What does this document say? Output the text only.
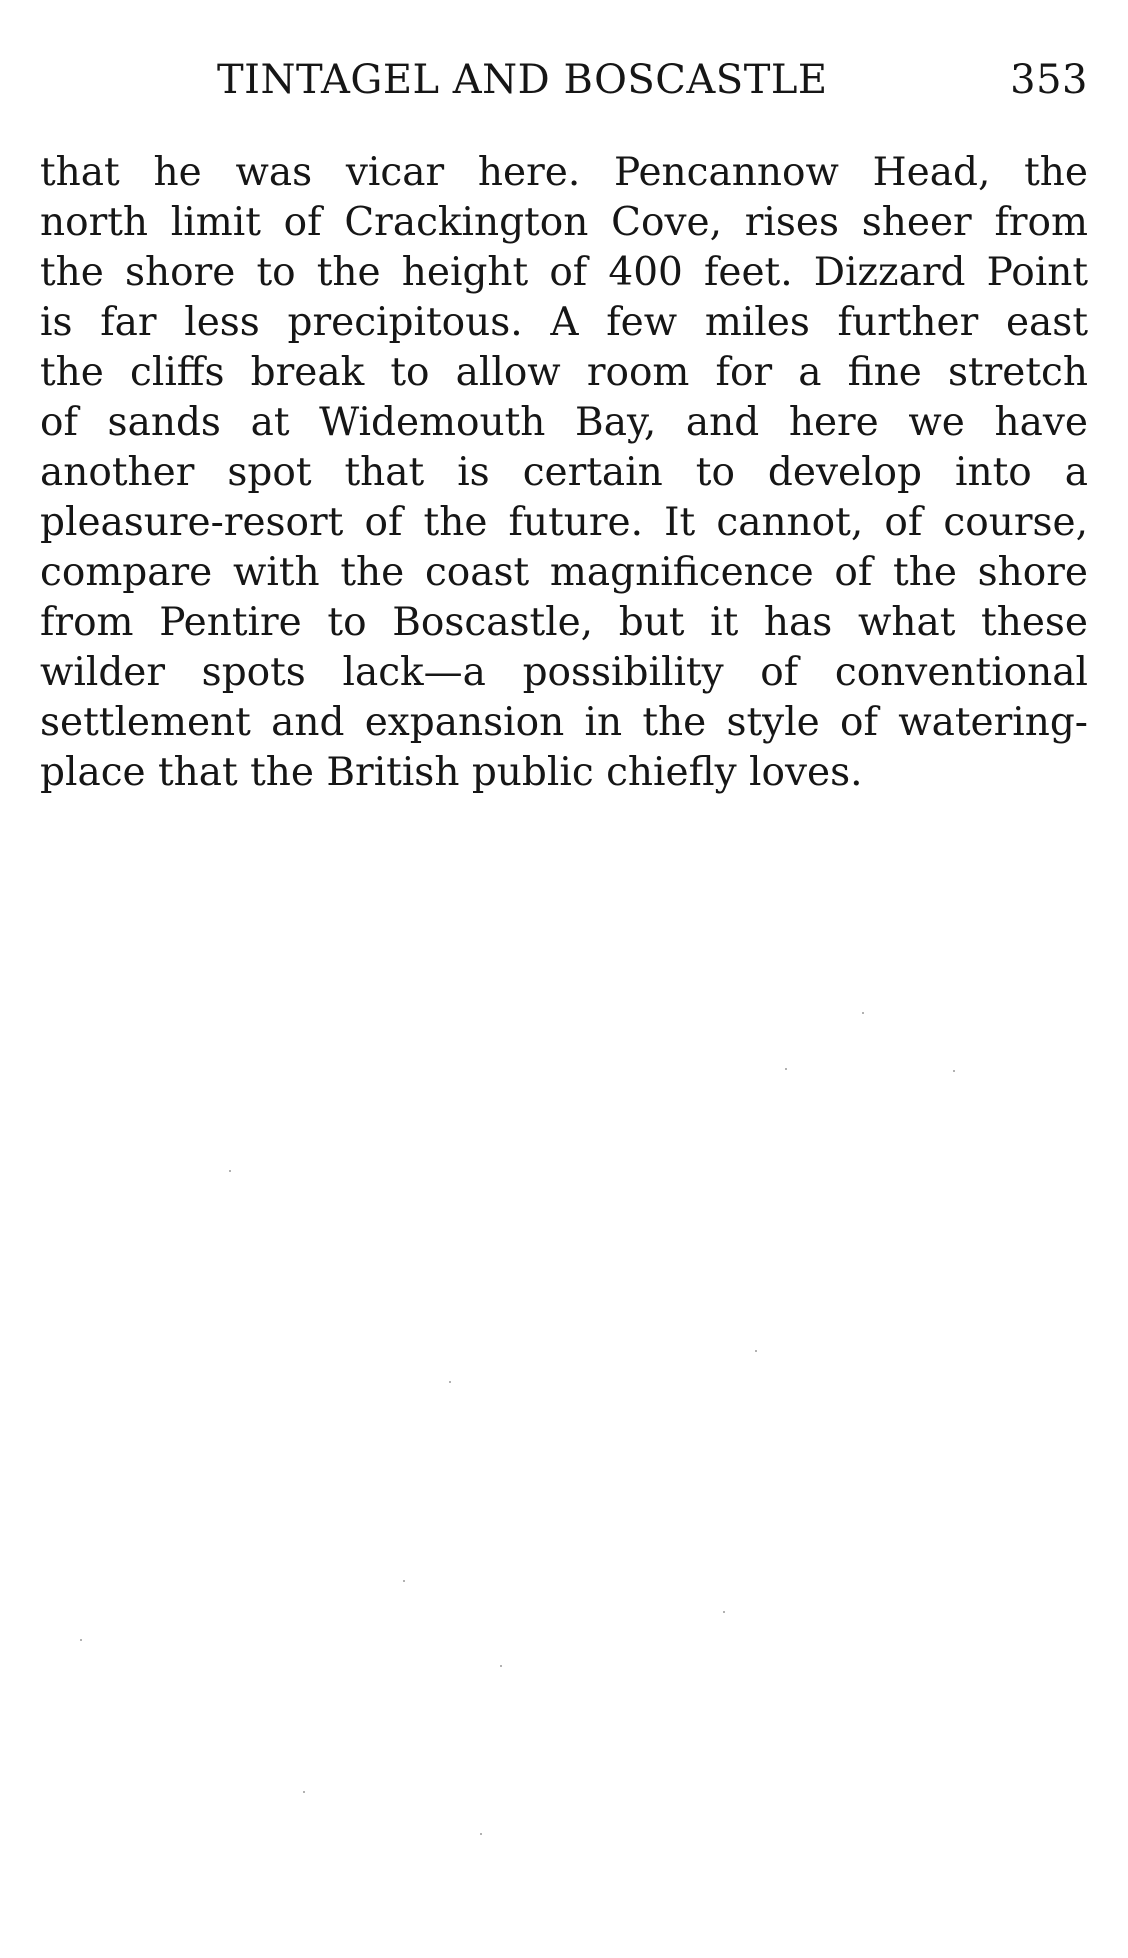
TINTAGEL AND BOSCASTLE	353
that he was vicar here. Pencannow Head, the
north limit of Crackington Cove, rises sheer from
the shore to the height of 400 feet. Dizzard Point
is far less precipitous. A few miles further east
the cliffs break to allow room for a fine stretch
of sands at Widemouth Bay, and here we have
another spot that is certain to develop into a
pleasure-resort of the future. It cannot, of course,
compare with the coast magnificence of the shore
from Pentire to Boscastle, but it has what these
wilder spots lack—a possibility of conventional
settlement and expansion in the style of watering-
place that the British public chiefly loves.
